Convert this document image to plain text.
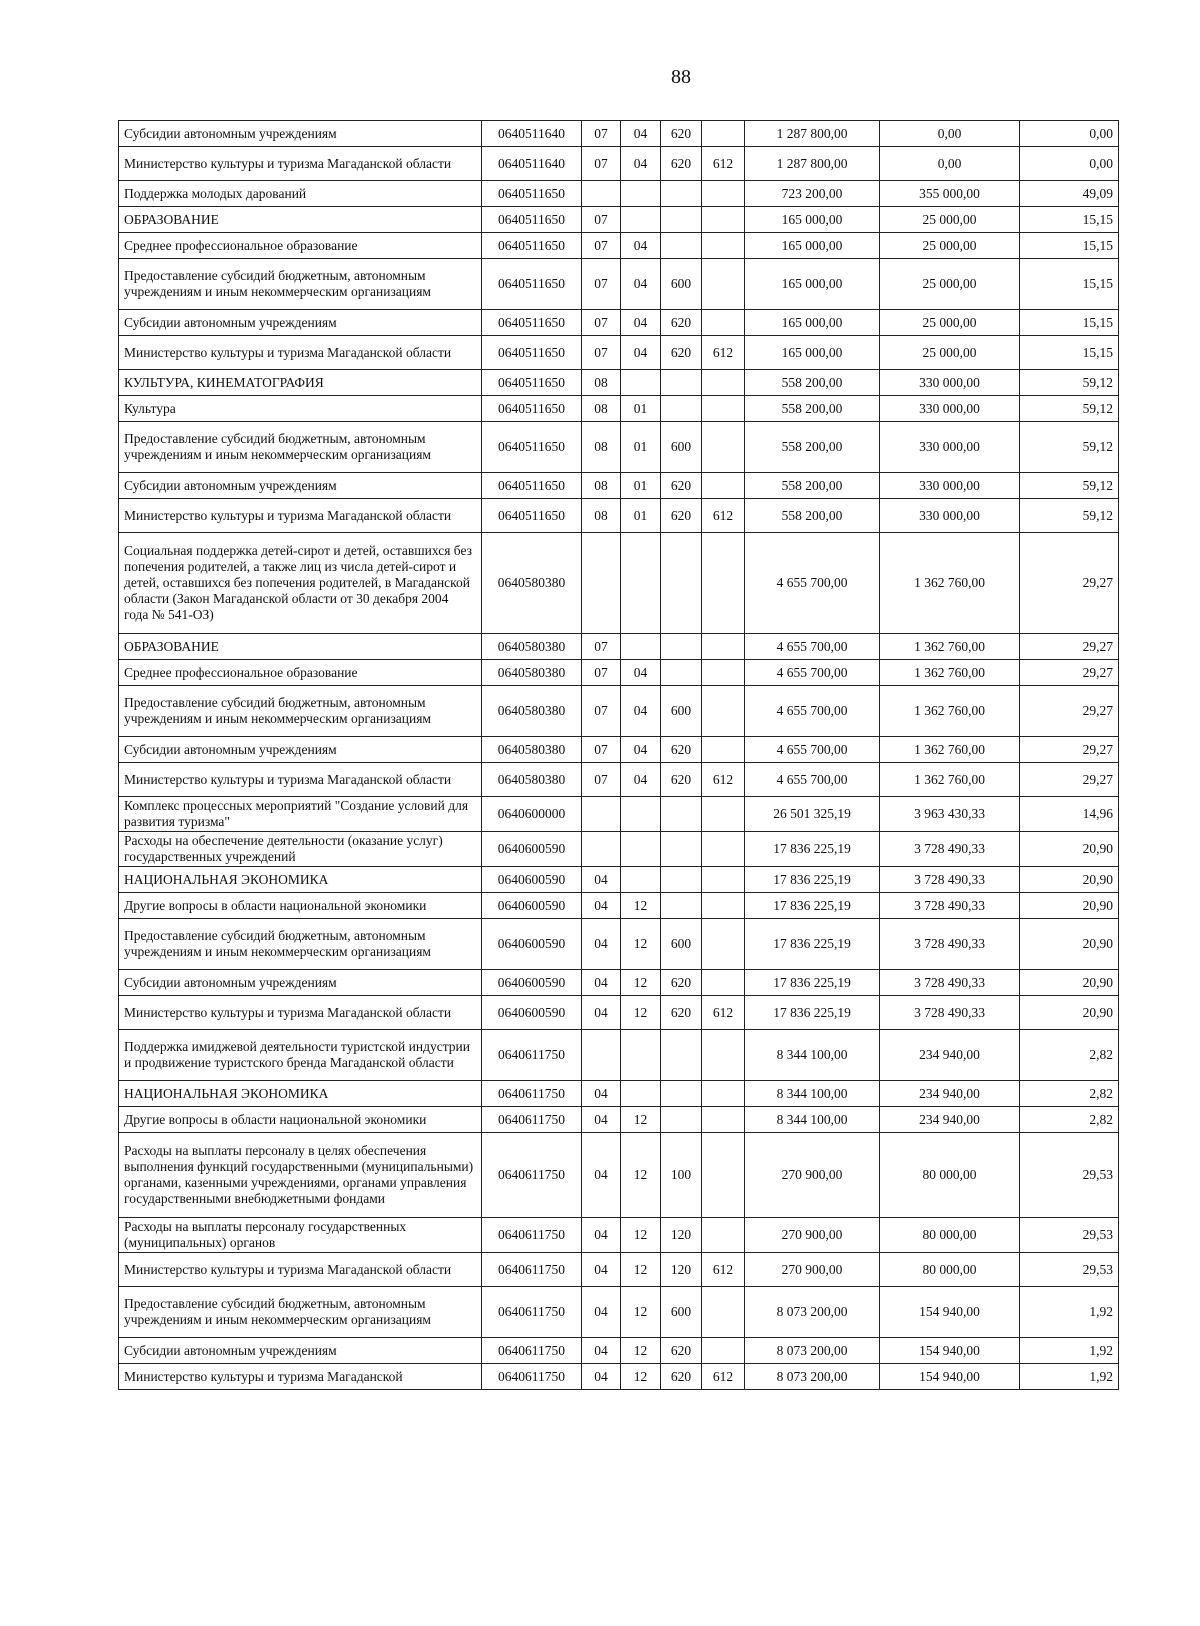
88
Субсидии автономным учреждениям	0640511640	07	04	620		1 287 800,00	0,00	0,00
Министерство культуры и туризма Магаданской области	0640511640	07	04	620	612	1 287 800,00	0,00	0,00
Поддержка молодых дарований	0640511650					723 200,00	355 000,00	49,09
ОБРАЗОВАНИЕ	0640511650	07				165 000,00	25 000,00	15,15
Среднее профессиональное образование	0640511650	07	04			165 000,00	25 000,00	15,15
Предоставление субсидий бюджетным, автономным учреждениям и иным некоммерческим организациям	0640511650	07	04	600		165 000,00	25 000,00	15,15
Субсидии автономным учреждениям	0640511650	07	04	620		165 000,00	25 000,00	15,15
Министерство культуры и туризма Магаданской области	0640511650	07	04	620	612	165 000,00	25 000,00	15,15
КУЛЬТУРА, КИНЕМАТОГРАФИЯ	0640511650	08				558 200,00	330 000,00	59,12
Культура	0640511650	08	01			558 200,00	330 000,00	59,12
Предоставление субсидий бюджетным, автономным учреждениям и иным некоммерческим организациям	0640511650	08	01	600		558 200,00	330 000,00	59,12
Субсидии автономным учреждениям	0640511650	08	01	620		558 200,00	330 000,00	59,12
Министерство культуры и туризма Магаданской области	0640511650	08	01	620	612	558 200,00	330 000,00	59,12
Социальная поддержка детей-сирот и детей, оставшихся без попечения родителей, а также лиц из числа детей-сирот и детей, оставшихся без попечения родителей, в Магаданской области (Закон Магаданской области от 30 декабря 2004 года № 541-ОЗ)	0640580380					4 655 700,00	1 362 760,00	29,27
ОБРАЗОВАНИЕ	0640580380	07				4 655 700,00	1 362 760,00	29,27
Среднее профессиональное образование	0640580380	07	04			4 655 700,00	1 362 760,00	29,27
Предоставление субсидий бюджетным, автономным учреждениям и иным некоммерческим организациям	0640580380	07	04	600		4 655 700,00	1 362 760,00	29,27
Субсидии автономным учреждениям	0640580380	07	04	620		4 655 700,00	1 362 760,00	29,27
Министерство культуры и туризма Магаданской области	0640580380	07	04	620	612	4 655 700,00	1 362 760,00	29,27
Комплекс процессных мероприятий "Создание условий для развития туризма"	0640600000					26 501 325,19	3 963 430,33	14,96
Расходы на обеспечение деятельности (оказание услуг) государственных учреждений	0640600590					17 836 225,19	3 728 490,33	20,90
НАЦИОНАЛЬНАЯ ЭКОНОМИКА	0640600590	04				17 836 225,19	3 728 490,33	20,90
Другие вопросы в области национальной экономики	0640600590	04	12			17 836 225,19	3 728 490,33	20,90
Предоставление субсидий бюджетным, автономным учреждениям и иным некоммерческим организациям	0640600590	04	12	600		17 836 225,19	3 728 490,33	20,90
Субсидии автономным учреждениям	0640600590	04	12	620		17 836 225,19	3 728 490,33	20,90
Министерство культуры и туризма Магаданской области	0640600590	04	12	620	612	17 836 225,19	3 728 490,33	20,90
Поддержка имиджевой деятельности туристской индустрии и продвижение туристского бренда Магаданской области	0640611750					8 344 100,00	234 940,00	2,82
НАЦИОНАЛЬНАЯ ЭКОНОМИКА	0640611750	04				8 344 100,00	234 940,00	2,82
Другие вопросы в области национальной экономики	0640611750	04	12			8 344 100,00	234 940,00	2,82
Расходы на выплаты персоналу в целях обеспечения выполнения функций государственными (муниципальными) органами, казенными учреждениями, органами управления государственными внебюджетными фондами	0640611750	04	12	100		270 900,00	80 000,00	29,53
Расходы на выплаты персоналу государственных (муниципальных) органов	0640611750	04	12	120		270 900,00	80 000,00	29,53
Министерство культуры и туризма Магаданской области	0640611750	04	12	120	612	270 900,00	80 000,00	29,53
Предоставление субсидий бюджетным, автономным учреждениям и иным некоммерческим организациям	0640611750	04	12	600		8 073 200,00	154 940,00	1,92
Субсидии автономным учреждениям	0640611750	04	12	620		8 073 200,00	154 940,00	1,92
Министерство культуры и туризма Магаданской	0640611750	04	12	620	612	8 073 200,00	154 940,00	1,92
